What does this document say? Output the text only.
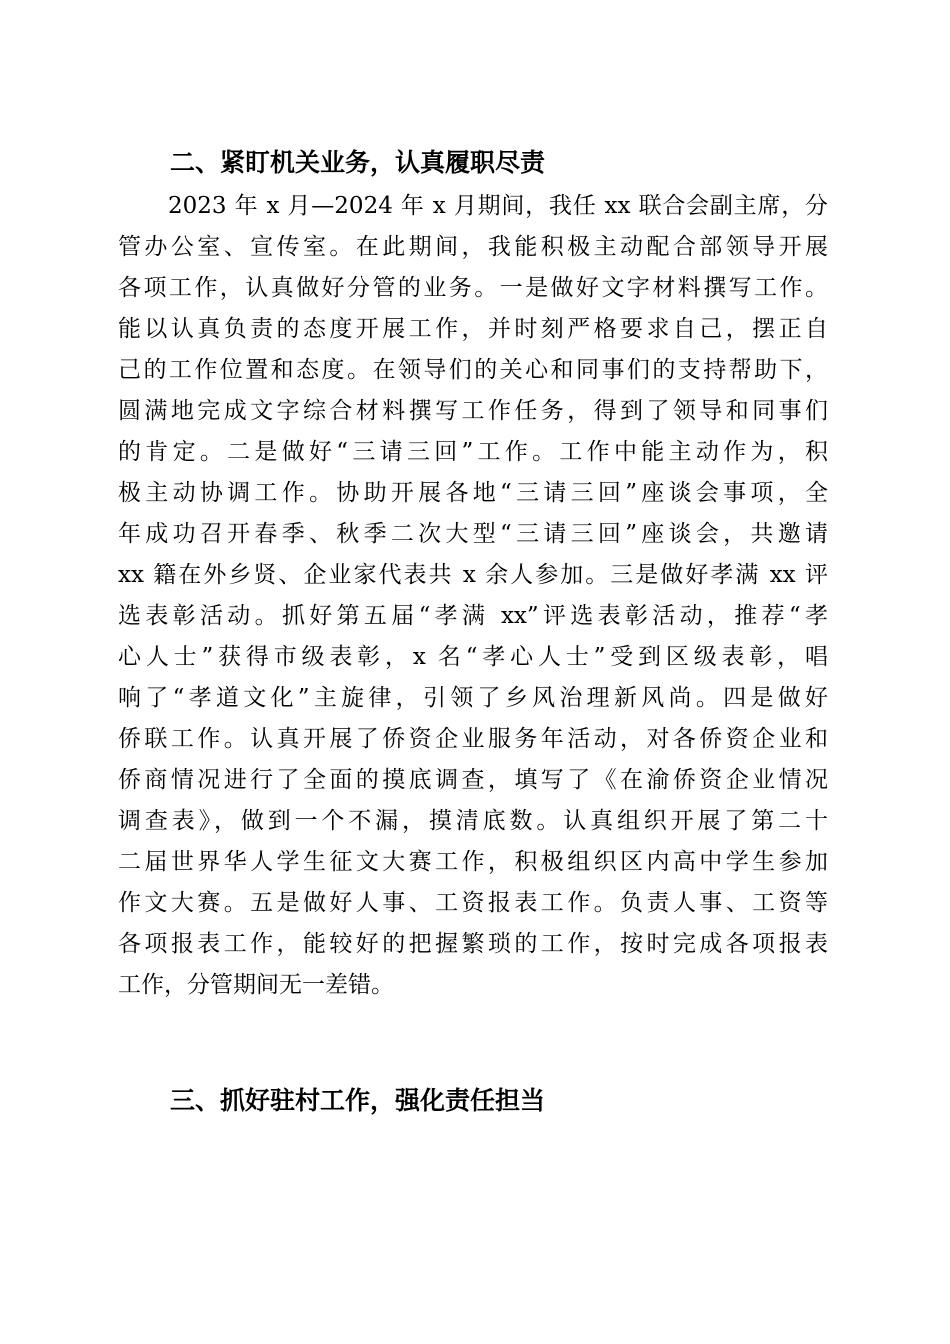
二、紧盯机关业务，认真履职尽责
2023 年 x 月—2024 年 x 月期间，我任 xx 联合会副主席，分
管办公室、宣传室。在此期间，我能积极主动配合部领导开展
各项工作，认真做好分管的业务。一是做好文字材料撰写工作。
能以认真负责的态度开展工作，并时刻严格要求自己，摆正自
己的工作位置和态度。在领导们的关心和同事们的支持帮助下，
圆满地完成文字综合材料撰写工作任务，得到了领导和同事们
的肯定。二是做好“三请三回”工作。工作中能主动作为，积
极主动协调工作。协助开展各地“三请三回”座谈会事项，全
年成功召开春季、秋季二次大型“三请三回”座谈会，共邀请
xx 籍在外乡贤、企业家代表共 x 余人参加。三是做好孝满 xx 评
选表彰活动。抓好第五届“孝满 xx”评选表彰活动，推荐“孝
心人士”获得市级表彰，x 名“孝心人士”受到区级表彰，唱
响了“孝道文化”主旋律，引领了乡风治理新风尚。四是做好
侨联工作。认真开展了侨资企业服务年活动，对各侨资企业和
侨商情况进行了全面的摸底调查，填写了《在渝侨资企业情况
调查表》，做到一个不漏，摸清底数。认真组织开展了第二十
二届世界华人学生征文大赛工作，积极组织区内高中学生参加
作文大赛。五是做好人事、工资报表工作。负责人事、工资等
各项报表工作，能较好的把握繁琐的工作，按时完成各项报表
工作，分管期间无一差错。
三、抓好驻村工作，强化责任担当
